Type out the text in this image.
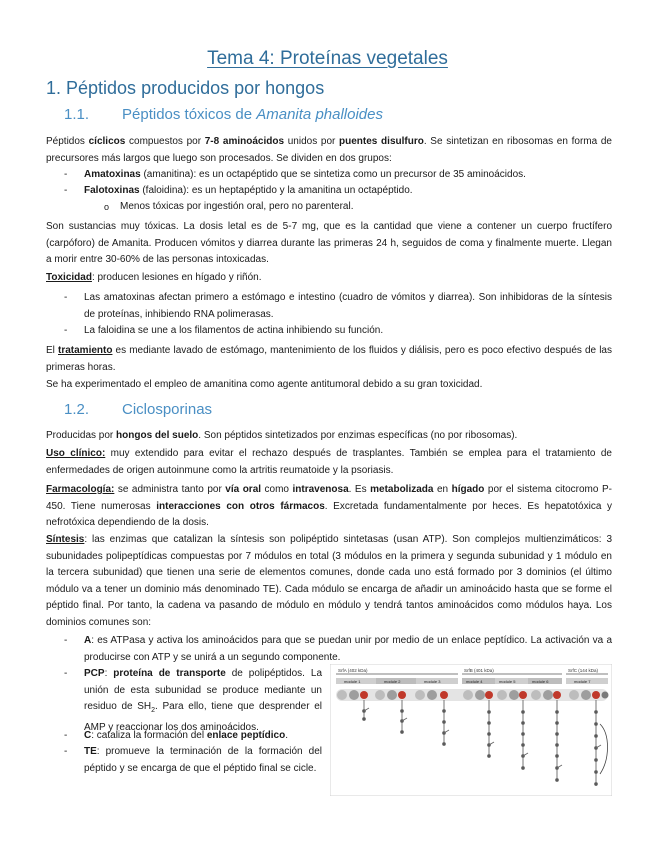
Tema 4: Proteínas vegetales
1. Péptidos producidos por hongos
1.1. Péptidos tóxicos de Amanita phalloides
Péptidos cíclicos compuestos por 7-8 aminoácidos unidos por puentes disulfuro. Se sintetizan en ribosomas en forma de precursores más largos que luego son procesados. Se dividen en dos grupos:
- Amatoxinas (amanitina): es un octapéptido que se sintetiza como un precursor de 35 aminoácidos.
- Falotoxinas (faloidina): es un heptapéptido y la amanitina un octapéptido.
o Menos tóxicas por ingestión oral, pero no parenteral.
Son sustancias muy tóxicas. La dosis letal es de 5-7 mg, que es la cantidad que viene a contener un cuerpo fructífero (carpóforo) de Amanita. Producen vómitos y diarrea durante las primeras 24 h, seguidos de coma y finalmente muerte. Llegan a morir entre 30-60% de las personas intoxicadas.
Toxicidad: producen lesiones en hígado y riñón.
- Las amatoxinas afectan primero a estómago e intestino (cuadro de vómitos y diarrea). Son inhibidoras de la síntesis de proteínas, inhibiendo RNA polimerasas.
- La faloidina se une a los filamentos de actina inhibiendo su función.
El tratamiento es mediante lavado de estómago, mantenimiento de los fluidos y diálisis, pero es poco efectivo después de las primeras horas.
Se ha experimentado el empleo de amanitina como agente antitumoral debido a su gran toxicidad.
1.2. Ciclosporinas
Producidas por hongos del suelo. Son péptidos sintetizados por enzimas específicas (no por ribosomas).
Uso clínico: muy extendido para evitar el rechazo después de trasplantes. También se emplea para el tratamiento de enfermedades de origen autoinmune como la artritis reumatoide y la psoriasis.
Farmacología: se administra tanto por vía oral como intravenosa. Es metabolizada en hígado por el sistema citocromo P-450. Tiene numerosas interacciones con otros fármacos. Excretada fundamentalmente por heces. Es hepatotóxica y nefrotóxica dependiendo de la dosis.
Síntesis: las enzimas que catalizan la síntesis son polipéptido sintetasas (usan ATP). Son complejos multienzimáticos: 3 subunidades polipeptídicas compuestas por 7 módulos en total (3 módulos en la primera y segunda subunidad y 1 módulo en la tercera subunidad) que tienen una serie de elementos comunes, donde cada uno está formado por 3 dominios (el último módulo va a tener un dominio más denominado TE). Cada módulo se encarga de añadir un aminoácido hasta que se forme el péptido final. Por tanto, la cadena va pasando de módulo en módulo y tendrá tantos aminoácidos como módulos haya. Los dominios comunes son:
- A: es ATPasa y activa los aminoácidos para que se puedan unir por medio de un enlace peptídico. La activación va a producirse con ATP y se unirá a un segundo componente.
- PCP: proteína de transporte de polipéptidos. La unión de esta subunidad se produce mediante un residuo de $SH_2$. Para ello, tiene que desprender el AMP y reaccionar los dos aminoácidos.
- C: cataliza la formación del enlace peptídico.
- TE: promueve la terminación de la formación del péptido y se encarga de que el péptido final se cicle.
SrfA (402 kDa)	SrfB (401 kDa)	SrfC (144 kDa)
module 1	module 2	module 3	module 4	module 5	module 6	module 7
